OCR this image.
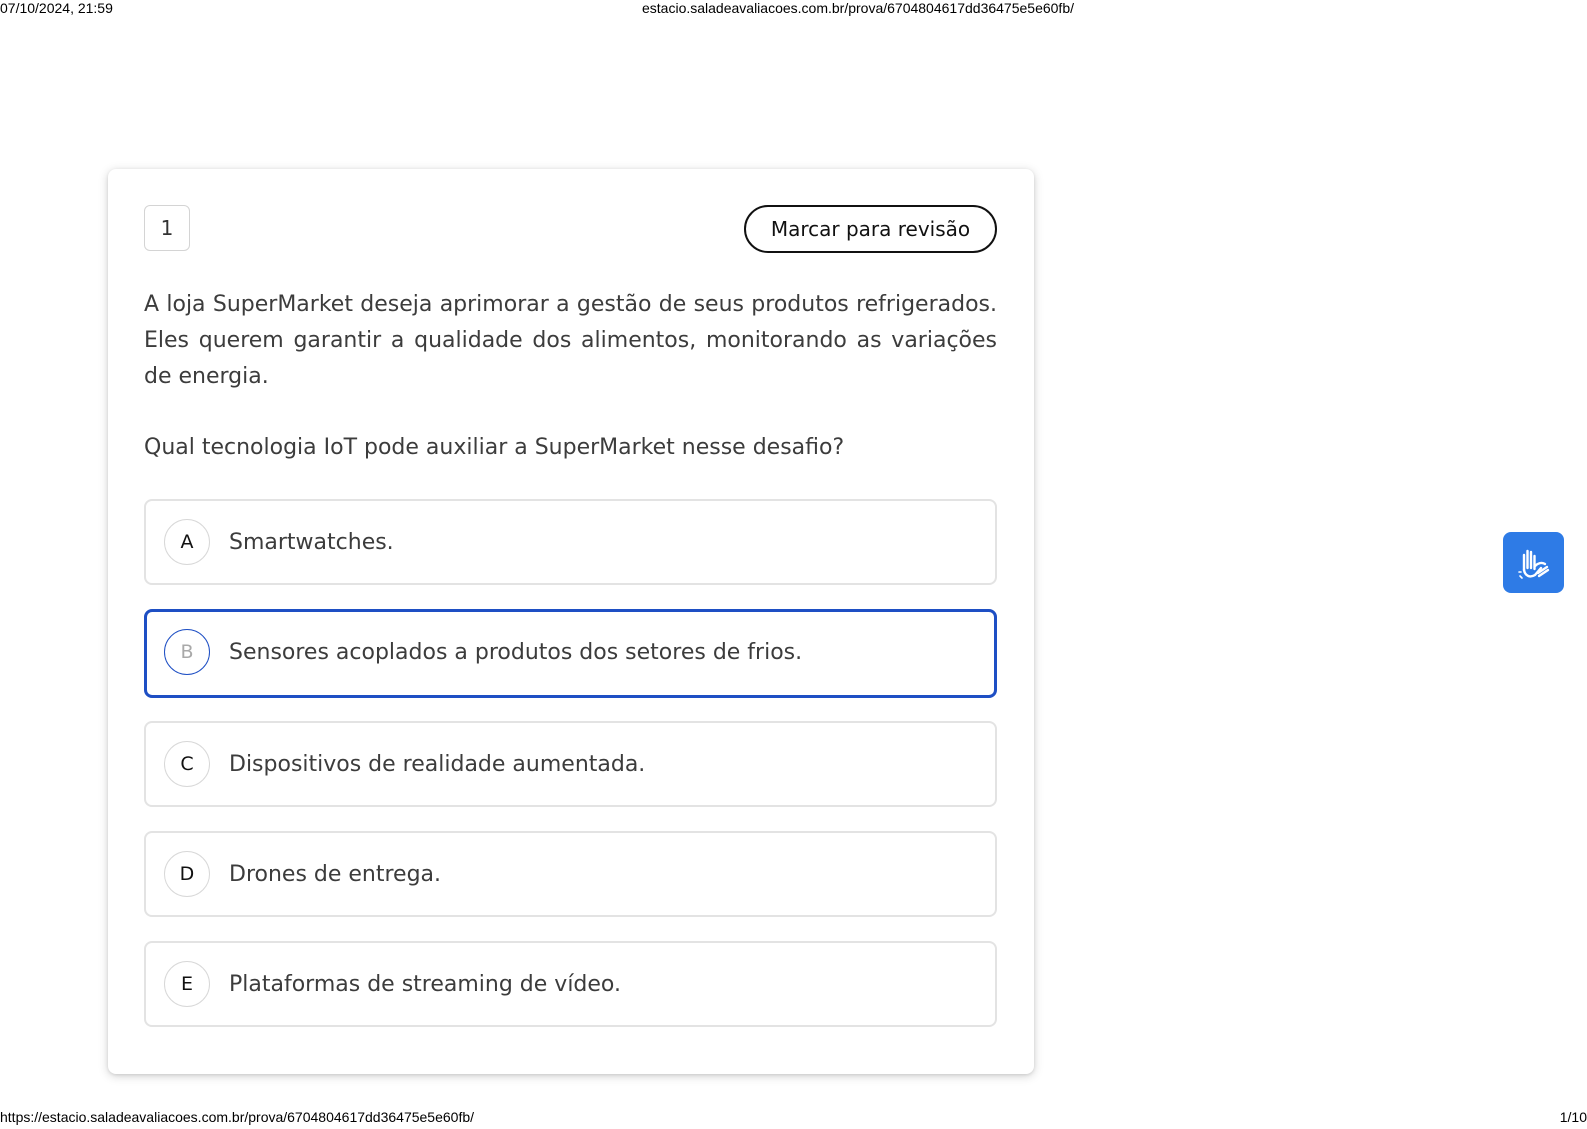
07/10/2024, 21:59	estacio.saladeavaliacoes.com.br/prova/6704804617dd36475e5e60fb/
1	Marcar para revisão

A loja SuperMarket deseja aprimorar a gestão de seus produtos refrigerados. Eles querem garantir a qualidade dos alimentos, monitorando as variações de energia.

Qual tecnologia IoT pode auxiliar a SuperMarket nesse desafio?

A	Smartwatches.
B	Sensores acoplados a produtos dos setores de frios.
C	Dispositivos de realidade aumentada.
D	Drones de entrega.
E	Plataformas de streaming de vídeo.
https://estacio.saladeavaliacoes.com.br/prova/6704804617dd36475e5e60fb/	1/10
